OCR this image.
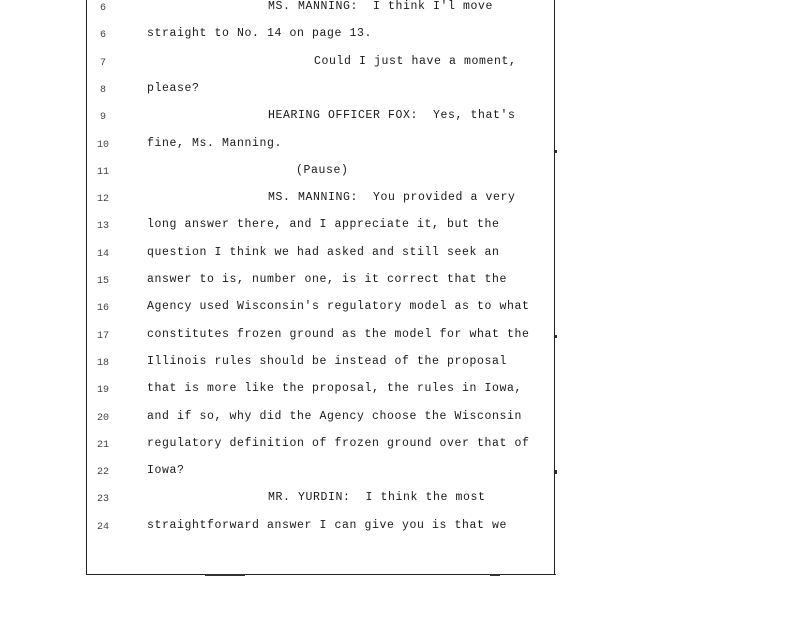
6	MS. MANNING:  I think I'l move
6	straight to No. 14 on page 13.
7	Could I just have a moment,
8	please?
9	HEARING OFFICER FOX:  Yes, that's
10	fine, Ms. Manning.
11	(Pause)
12	MS. MANNING:  You provided a very
13	long answer there, and I appreciate it, but the
14	question I think we had asked and still seek an
15	answer to is, number one, is it correct that the
16	Agency used Wisconsin's regulatory model as to what
17	constitutes frozen ground as the model for what the
18	Illinois rules should be instead of the proposal
19	that is more like the proposal, the rules in Iowa,
20	and if so, why did the Agency choose the Wisconsin
21	regulatory definition of frozen ground over that of
22	Iowa?
23	MR. YURDIN:  I think the most
24	straightforward answer I can give you is that we
